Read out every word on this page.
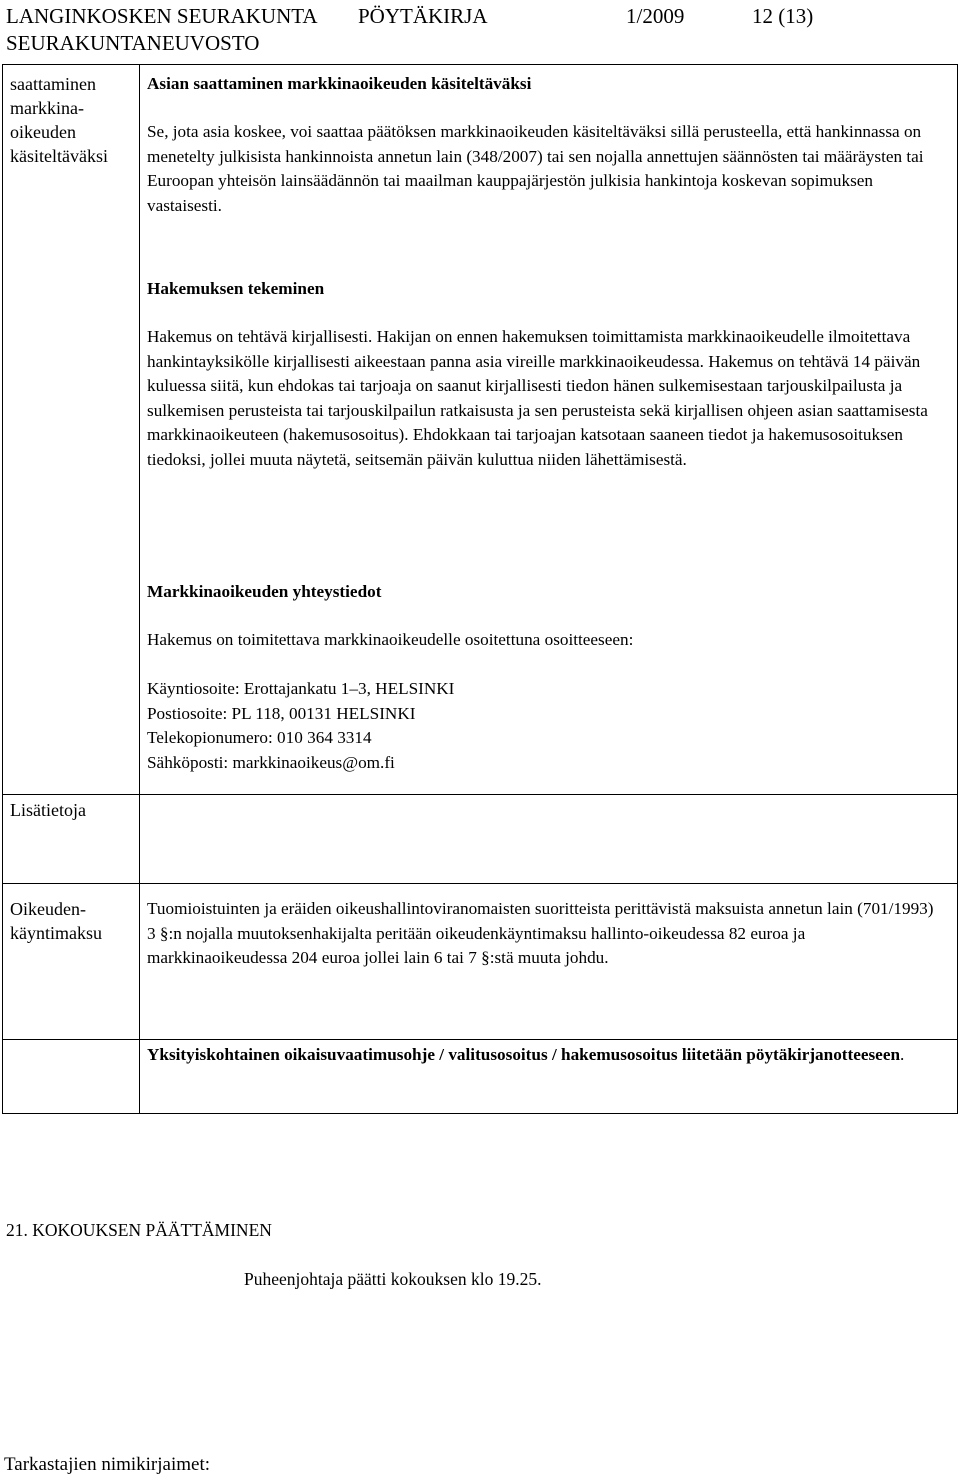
LANGINKOSKEN SEURAKUNTA PÖYTÄKIRJA	1/2009	12 (13)
SEURAKUNTANEUVOSTO
saattaminen
markkina-
oikeuden
käsiteltäväksi
Asian saattaminen markkinaoikeuden käsiteltäväksi

Se, jota asia koskee, voi saattaa päätöksen markkinaoikeuden käsiteltäväksi sillä perusteella, että hankinnassa on menetelty julkisista hankinnoista annetun lain (348/2007) tai sen nojalla annettujen säännösten tai määräysten tai Euroopan yhteisön lainsäädännön tai maailman kauppajärjestön julkisia hankintoja koskevan sopimuksen vastaisesti.

Hakemuksen tekeminen

Hakemus on tehtävä kirjallisesti. Hakijan on ennen hakemuksen toimittamista markkinaoikeudelle ilmoitettava hankintayksikölle kirjallisesti aikeestaan panna asia vireille markkinaoikeudessa. Hakemus on tehtävä 14 päivän kuluessa siitä, kun ehdokas tai tarjoaja on saanut kirjallisesti tiedon hänen sulkemisestaan tarjouskilpailusta ja sulkemisen perusteista tai tarjouskilpailun ratkaisusta ja sen perusteista sekä kirjallisen ohjeen asian saattamisesta markkinaoikeuteen (hakemusosoitus). Ehdokkaan tai tarjoajan katsotaan saaneen tiedot ja hakemusosoituksen tiedoksi, jollei muuta näytetä, seitsemän päivän kuluttua niiden lähettämisestä.

Markkinaoikeuden yhteystiedot

Hakemus on toimitettava markkinaoikeudelle osoitettuna osoitteeseen:

Käyntiosoite: Erottajankatu 1–3, HELSINKI
Postiosoite: PL 118, 00131 HELSINKI
Telekopionumero: 010 364 3314
Sähköposti: markkinaoikeus@om.fi
Lisätietoja
Oikeuden-
käyntimaksu

Tuomioistuinten ja eräiden oikeushallintoviranomaisten suoritteista perittävistä maksuista annetun lain (701/1993) 3 §:n nojalla muutoksenhakijalta peritään oikeudenkäyntimaksu hallinto-oikeudessa 82 euroa ja markkinaoikeudessa 204 euroa jollei lain 6 tai 7 §:stä muuta johdu.

Yksityiskohtainen oikaisuvaatimusohje / valitusosoitus / hakemusosoitus liitetään pöytäkirjanotteeseen.

21. KOKOUKSEN PÄÄTTÄMINEN
Puheenjohtaja päätti kokouksen klo 19.25.
Tarkastajien nimikirjaimet:
